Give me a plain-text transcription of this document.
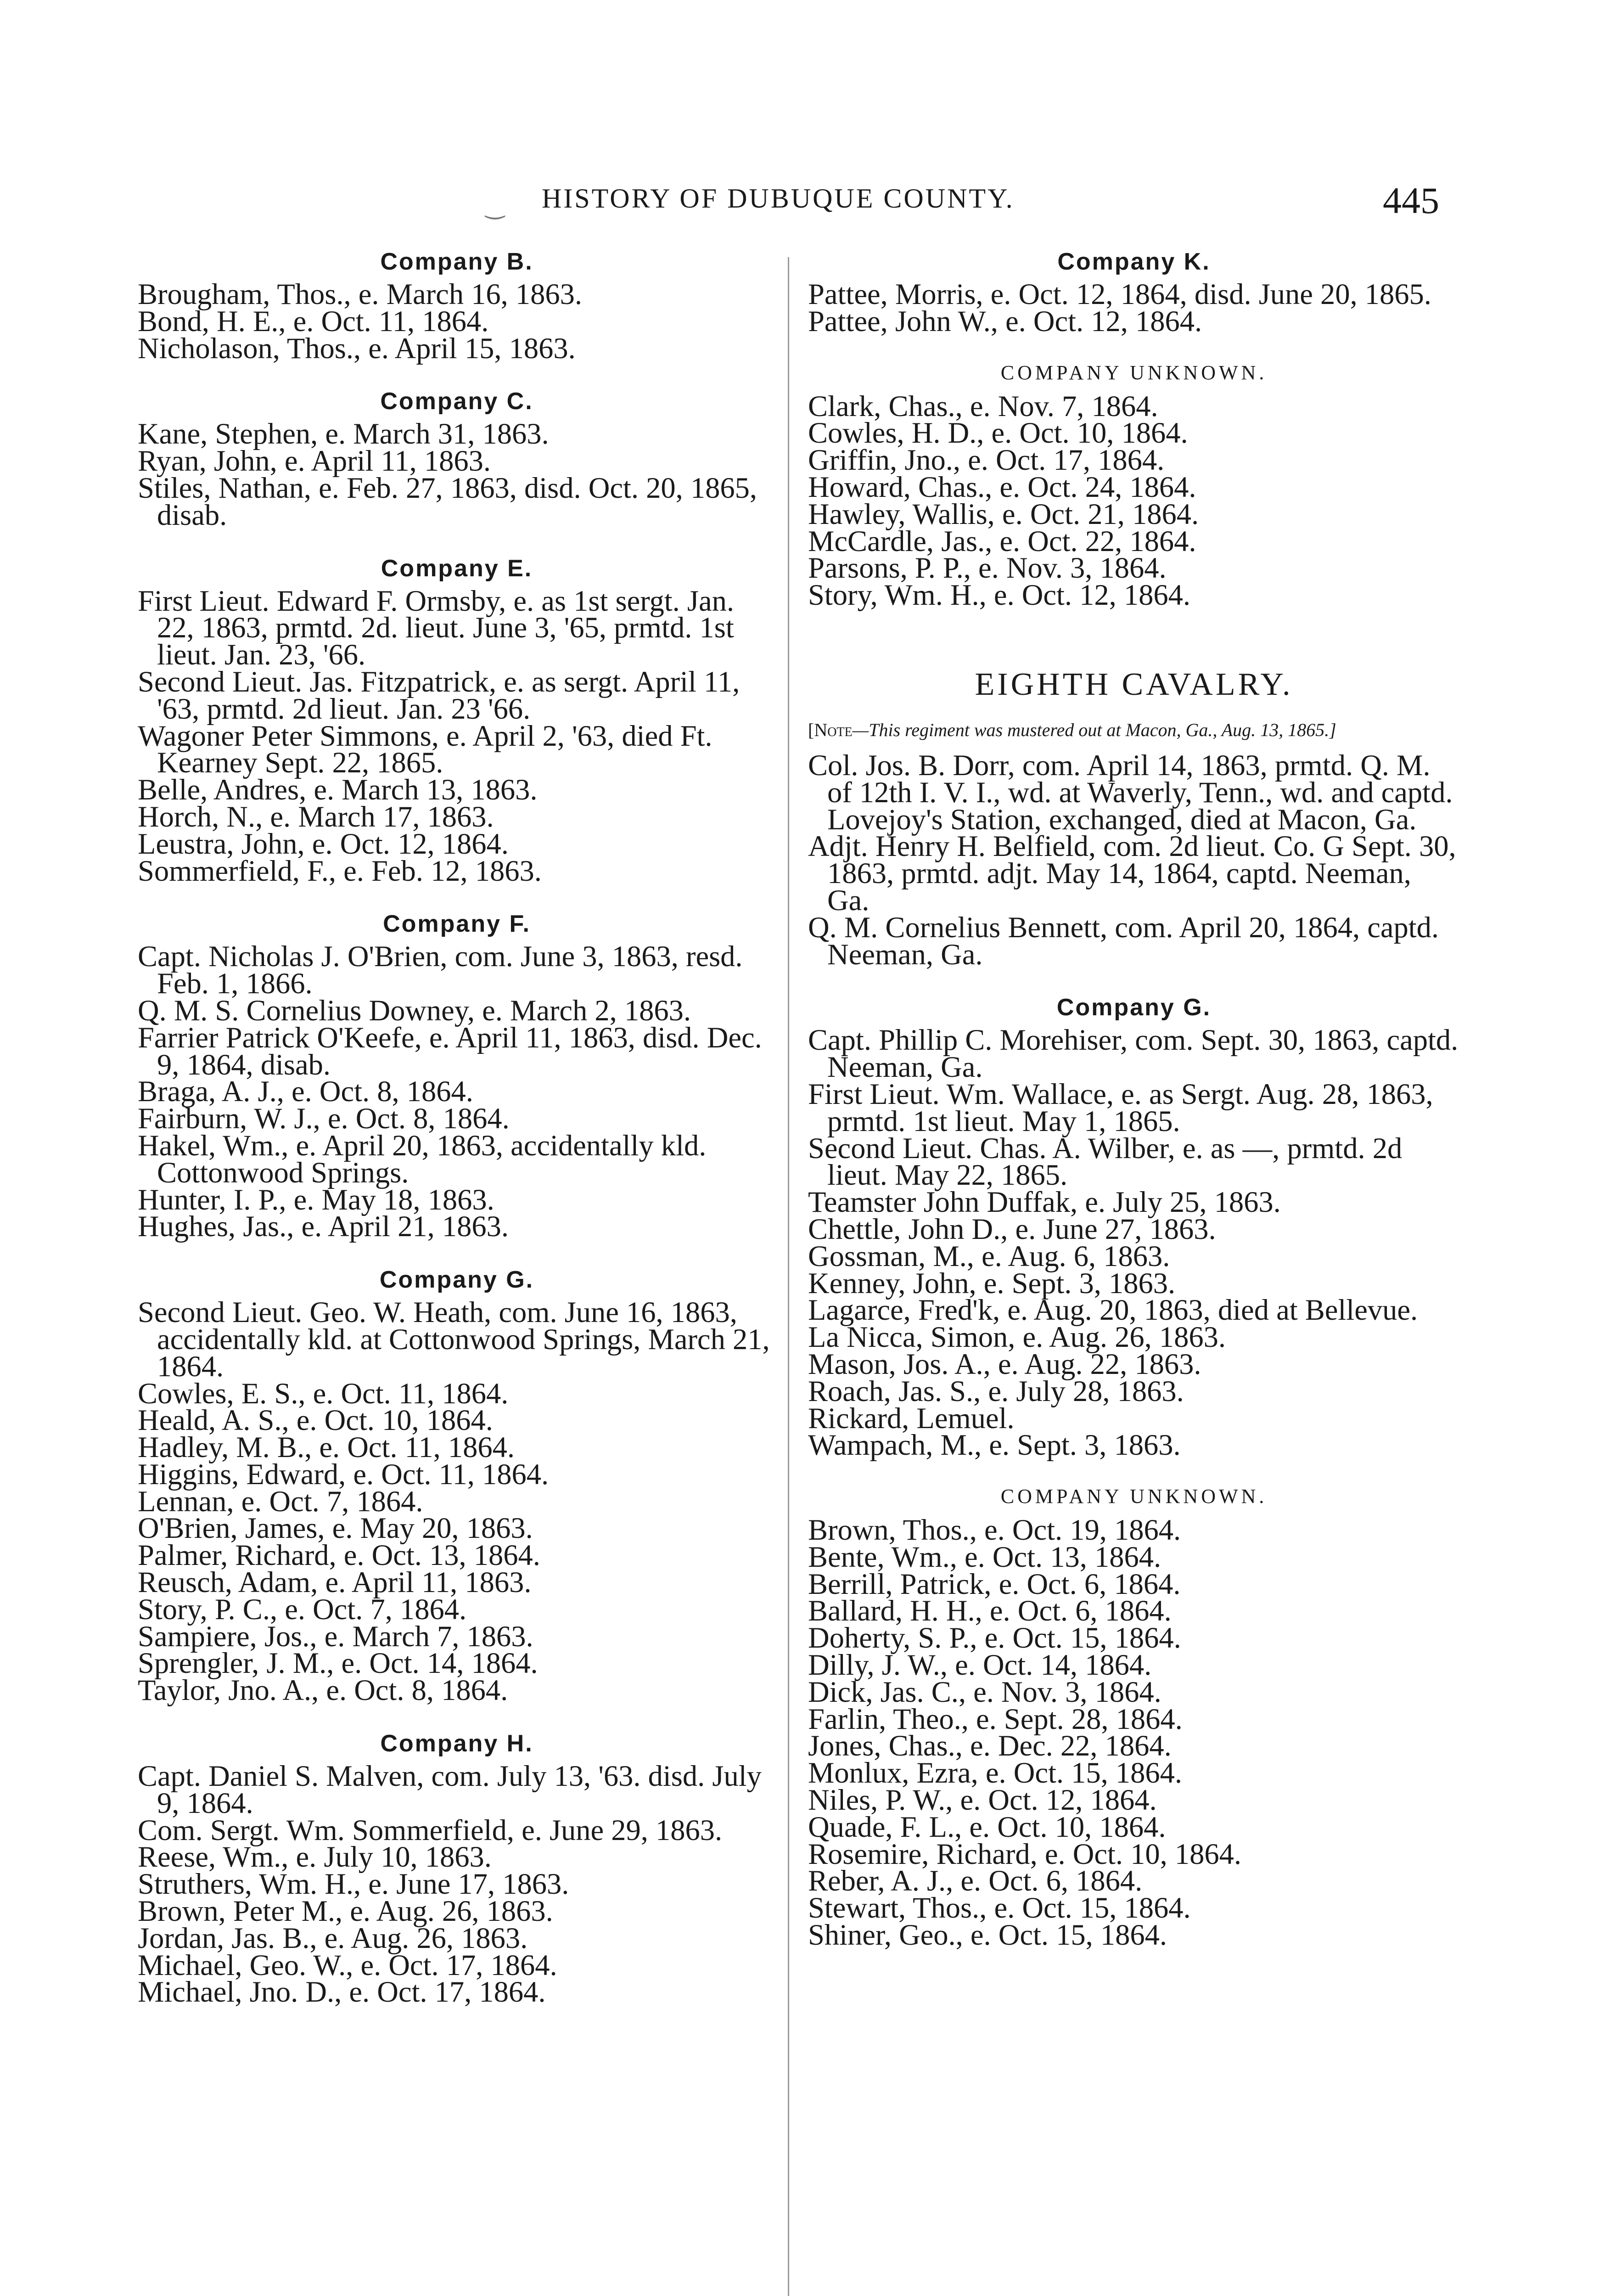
‿ HISTORY OF DUBUQUE COUNTY.	445
Company B.

Brougham, Thos., e. March 16, 1863.

Bond, H. E., e. Oct. 11, 1864.

Nicholason, Thos., e. April 15, 1863.

Company C.

Kane, Stephen, e. March 31, 1863.

Ryan, John, e. April 11, 1863.

Stiles, Nathan, e. Feb. 27, 1863, disd. Oct. 20, 1865, disab.

Company E.

First Lieut. Edward F. Ormsby, e. as 1st sergt. Jan. 22, 1863, prmtd. 2d. lieut. June 3, '65, prmtd. 1st lieut. Jan. 23, '66.

Second Lieut. Jas. Fitzpatrick, e. as sergt. April 11, '63, prmtd. 2d lieut. Jan. 23 '66.

Wagoner Peter Simmons, e. April 2, '63, died Ft. Kearney Sept. 22, 1865.

Belle, Andres, e. March 13, 1863.

Horch, N., e. March 17, 1863.

Leustra, John, e. Oct. 12, 1864.

Sommerfield, F., e. Feb. 12, 1863.

Company F.

Capt. Nicholas J. O'Brien, com. June 3, 1863, resd. Feb. 1, 1866.

Q. M. S. Cornelius Downey, e. March 2, 1863.

Farrier Patrick O'Keefe, e. April 11, 1863, disd. Dec. 9, 1864, disab.

Braga, A. J., e. Oct. 8, 1864.

Fairburn, W. J., e. Oct. 8, 1864.

Hakel, Wm., e. April 20, 1863, accidentally kld. Cottonwood Springs.

Hunter, I. P., e. May 18, 1863.

Hughes, Jas., e. April 21, 1863.

Company G.

Second Lieut. Geo. W. Heath, com. June 16, 1863, accidentally kld. at Cottonwood Springs, March 21, 1864.

Cowles, E. S., e. Oct. 11, 1864.

Heald, A. S., e. Oct. 10, 1864.

Hadley, M. B., e. Oct. 11, 1864.

Higgins, Edward, e. Oct. 11, 1864.

Lennan, e. Oct. 7, 1864.

O'Brien, James, e. May 20, 1863.

Palmer, Richard, e. Oct. 13, 1864.

Reusch, Adam, e. April 11, 1863.

Story, P. C., e. Oct. 7, 1864.

Sampiere, Jos., e. March 7, 1863.

Sprengler, J. M., e. Oct. 14, 1864.

Taylor, Jno. A., e. Oct. 8, 1864.

Company H.

Capt. Daniel S. Malven, com. July 13, '63. disd. July 9, 1864.

Com. Sergt. Wm. Sommerfield, e. June 29, 1863.

Reese, Wm., e. July 10, 1863.

Struthers, Wm. H., e. June 17, 1863.

Brown, Peter M., e. Aug. 26, 1863.

Jordan, Jas. B., e. Aug. 26, 1863.

Michael, Geo. W., e. Oct. 17, 1864.

Michael, Jno. D., e. Oct. 17, 1864.

Company K.

Pattee, Morris, e. Oct. 12, 1864, disd. June 20, 1865.

Pattee, John W., e. Oct. 12, 1864.

COMPANY UNKNOWN.

Clark, Chas., e. Nov. 7, 1864.

Cowles, H. D., e. Oct. 10, 1864.

Griffin, Jno., e. Oct. 17, 1864.

Howard, Chas., e. Oct. 24, 1864.

Hawley, Wallis, e. Oct. 21, 1864.

McCardle, Jas., e. Oct. 22, 1864.

Parsons, P. P., e. Nov. 3, 1864.

Story, Wm. H., e. Oct. 12, 1864.

EIGHTH CAVALRY.

[Note—This regiment was mustered out at Macon, Ga., Aug. 13, 1865.]

Col. Jos. B. Dorr, com. April 14, 1863, prmtd. Q. M. of 12th I. V. I., wd. at Waverly, Tenn., wd. and captd. Lovejoy's Station, exchanged, died at Macon, Ga.

Adjt. Henry H. Belfield, com. 2d lieut. Co. G Sept. 30, 1863, prmtd. adjt. May 14, 1864, captd. Neeman, Ga.

Q. M. Cornelius Bennett, com. April 20, 1864, captd. Neeman, Ga.

Company G.

Capt. Phillip C. Morehiser, com. Sept. 30, 1863, captd. Neeman, Ga.

First Lieut. Wm. Wallace, e. as Sergt. Aug. 28, 1863, prmtd. 1st lieut. May 1, 1865.

Second Lieut. Chas. A. Wilber, e. as —, prmtd. 2d lieut. May 22, 1865.

Teamster John Duffak, e. July 25, 1863.

Chettle, John D., e. June 27, 1863.

Gossman, M., e. Aug. 6, 1863.

Kenney, John, e. Sept. 3, 1863.

Lagarce, Fred'k, e. Aug. 20, 1863, died at Bellevue.

La Nicca, Simon, e. Aug. 26, 1863.

Mason, Jos. A., e. Aug. 22, 1863.

Roach, Jas. S., e. July 28, 1863.

Rickard, Lemuel.

Wampach, M., e. Sept. 3, 1863.

COMPANY UNKNOWN.

Brown, Thos., e. Oct. 19, 1864.

Bente, Wm., e. Oct. 13, 1864.

Berrill, Patrick, e. Oct. 6, 1864.

Ballard, H. H., e. Oct. 6, 1864.

Doherty, S. P., e. Oct. 15, 1864.

Dilly, J. W., e. Oct. 14, 1864.

Dick, Jas. C., e. Nov. 3, 1864.

Farlin, Theo., e. Sept. 28, 1864.

Jones, Chas., e. Dec. 22, 1864.

Monlux, Ezra, e. Oct. 15, 1864.

Niles, P. W., e. Oct. 12, 1864.

Quade, F. L., e. Oct. 10, 1864.

Rosemire, Richard, e. Oct. 10, 1864.

Reber, A. J., e. Oct. 6, 1864.

Stewart, Thos., e. Oct. 15, 1864.

Shiner, Geo., e. Oct. 15, 1864.
